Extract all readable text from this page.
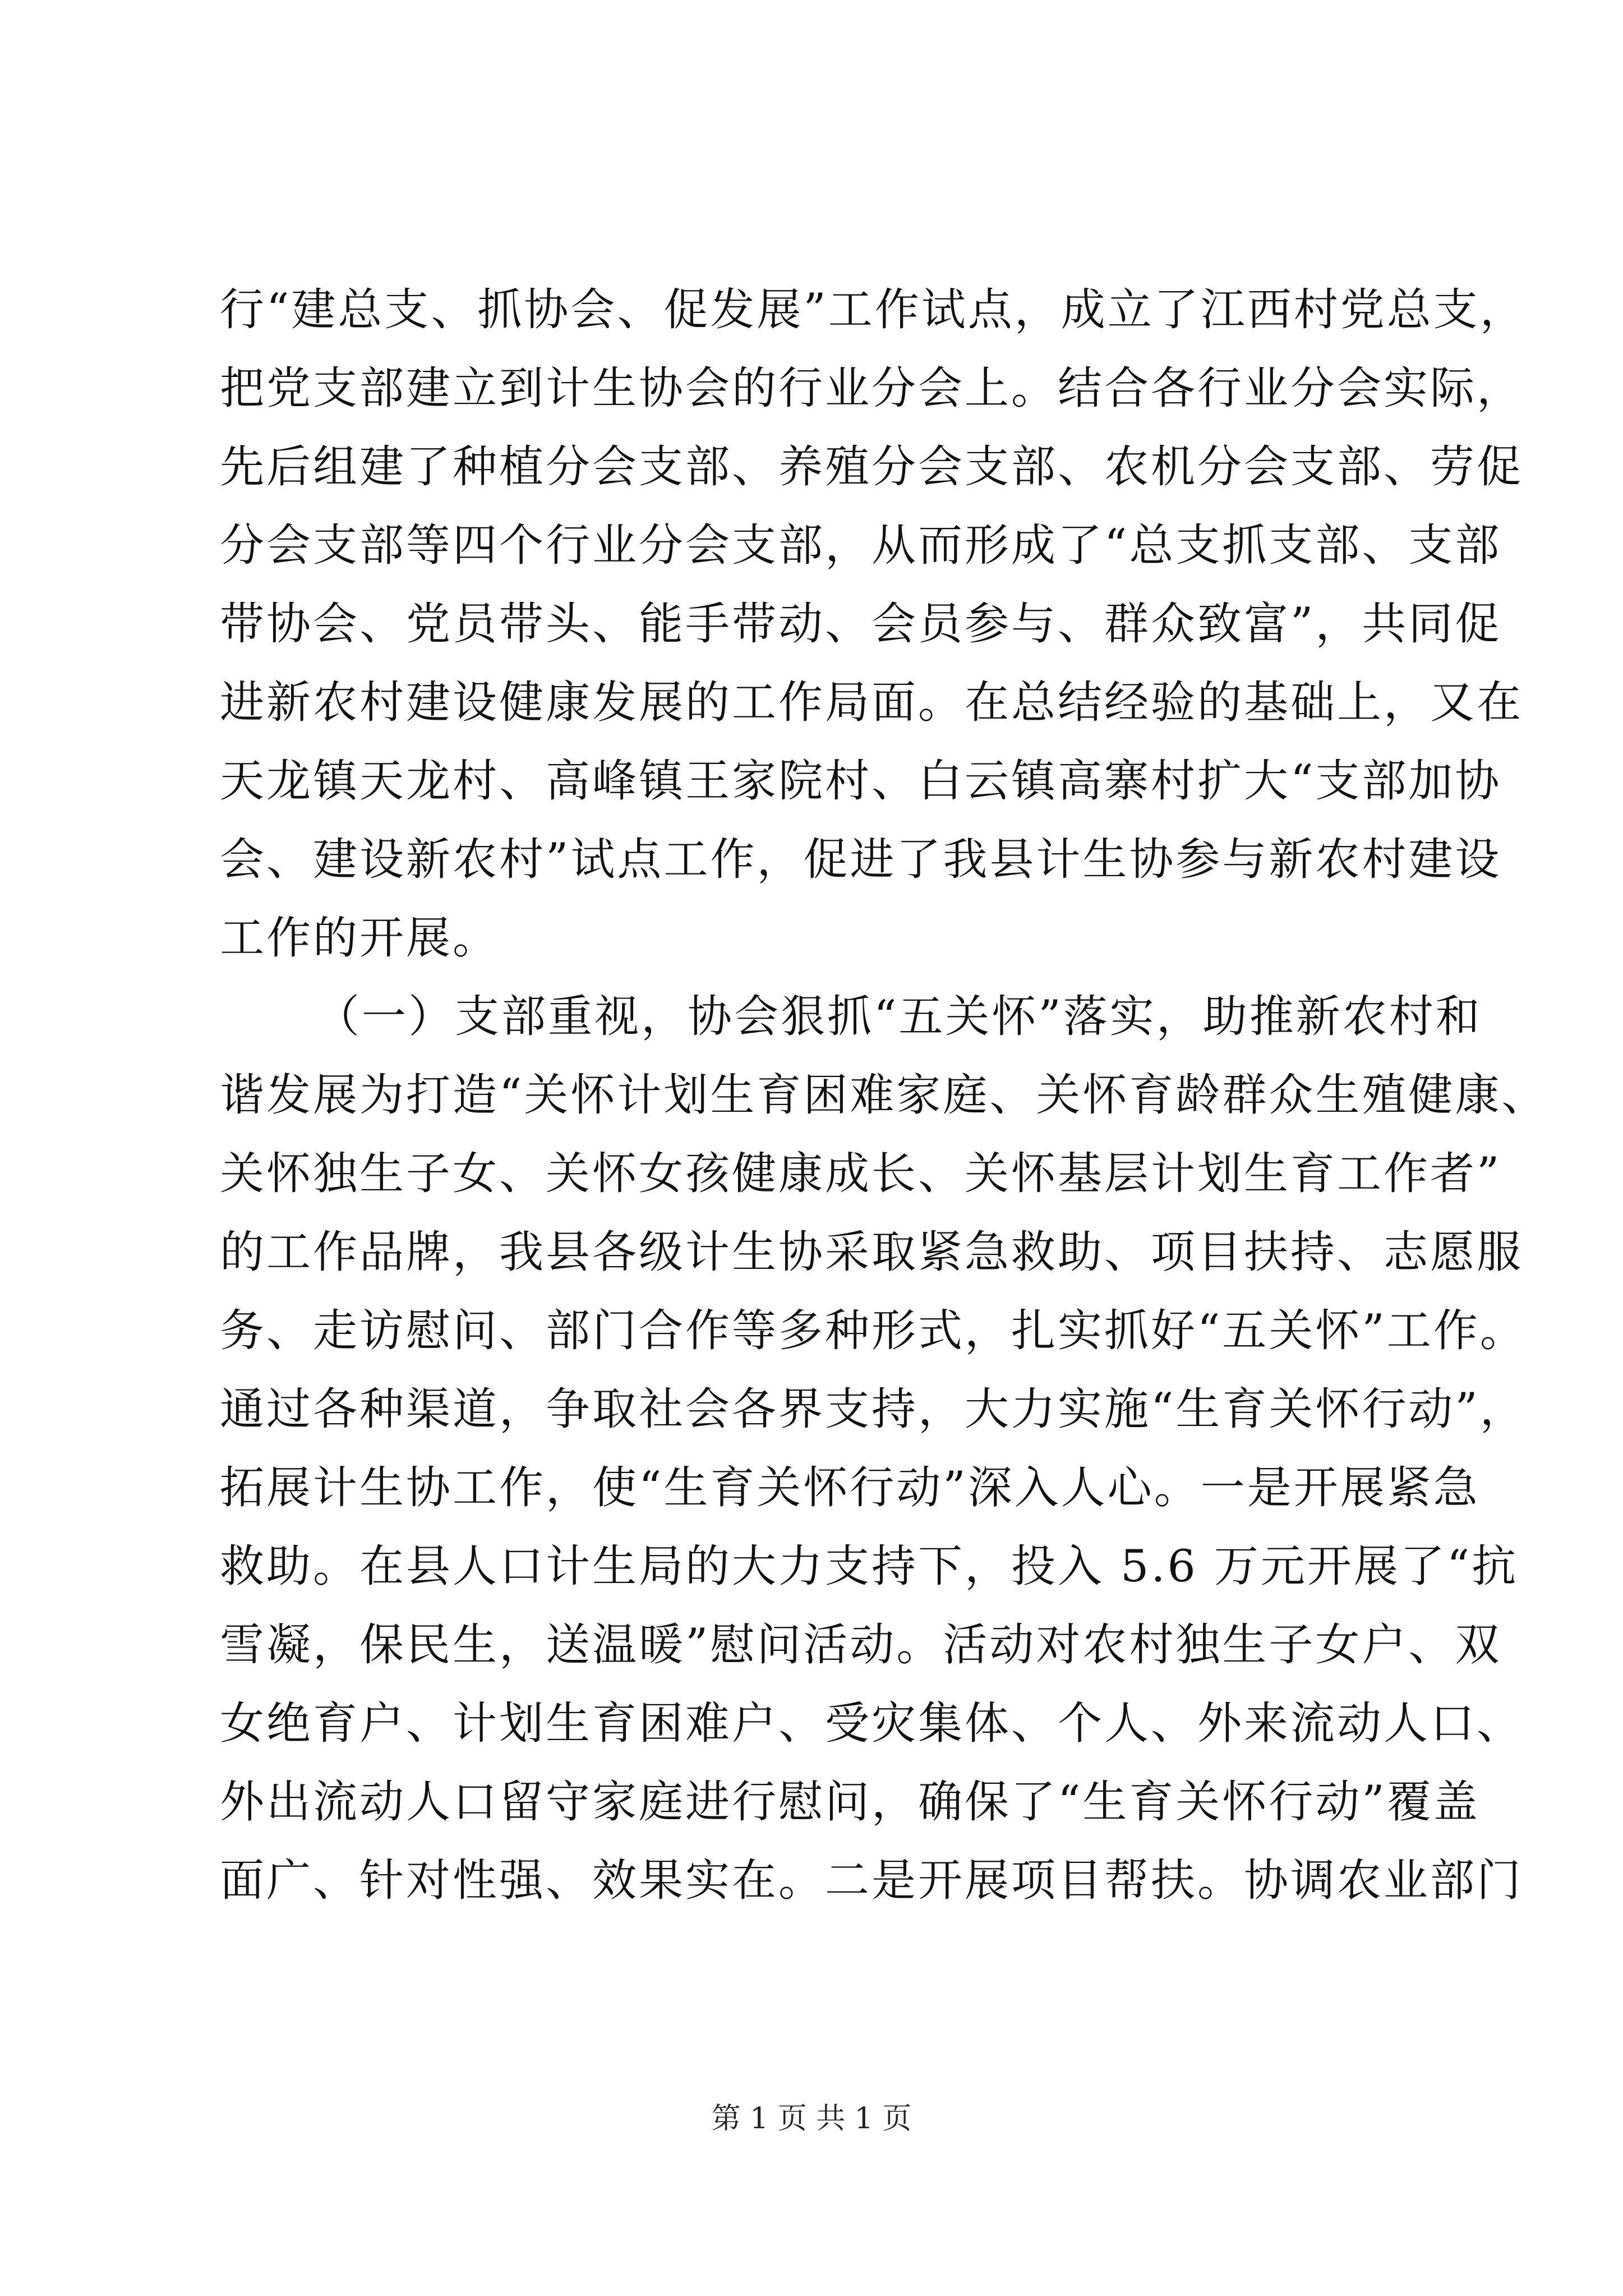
行“建总支、抓协会、促发展”工作试点，成立了江西村党总支，
把党支部建立到计生协会的行业分会上。结合各行业分会实际，
先后组建了种植分会支部、养殖分会支部、农机分会支部、劳促
分会支部等四个行业分会支部，从而形成了“总支抓支部、支部
带协会、党员带头、能手带动、会员参与、群众致富”，共同促
进新农村建设健康发展的工作局面。在总结经验的基础上，又在
天龙镇天龙村、高峰镇王家院村、白云镇高寨村扩大“支部加协
会、建设新农村”试点工作，促进了我县计生协参与新农村建设
工作的开展。
（一）支部重视，协会狠抓“五关怀”落实，助推新农村和
谐发展为打造“关怀计划生育困难家庭、关怀育龄群众生殖健康、
关怀独生子女、关怀女孩健康成长、关怀基层计划生育工作者”
的工作品牌，我县各级计生协采取紧急救助、项目扶持、志愿服
务、走访慰问、部门合作等多种形式，扎实抓好“五关怀”工作。
通过各种渠道，争取社会各界支持，大力实施“生育关怀行动”，
拓展计生协工作，使“生育关怀行动”深入人心。一是开展紧急
救助。在县人口计生局的大力支持下，投入 5.6 万元开展了“抗
雪凝，保民生，送温暖”慰问活动。活动对农村独生子女户、双
女绝育户、计划生育困难户、受灾集体、个人、外来流动人口、
外出流动人口留守家庭进行慰问，确保了“生育关怀行动”覆盖
面广、针对性强、效果实在。二是开展项目帮扶。协调农业部门
第 1 页 共 1 页
